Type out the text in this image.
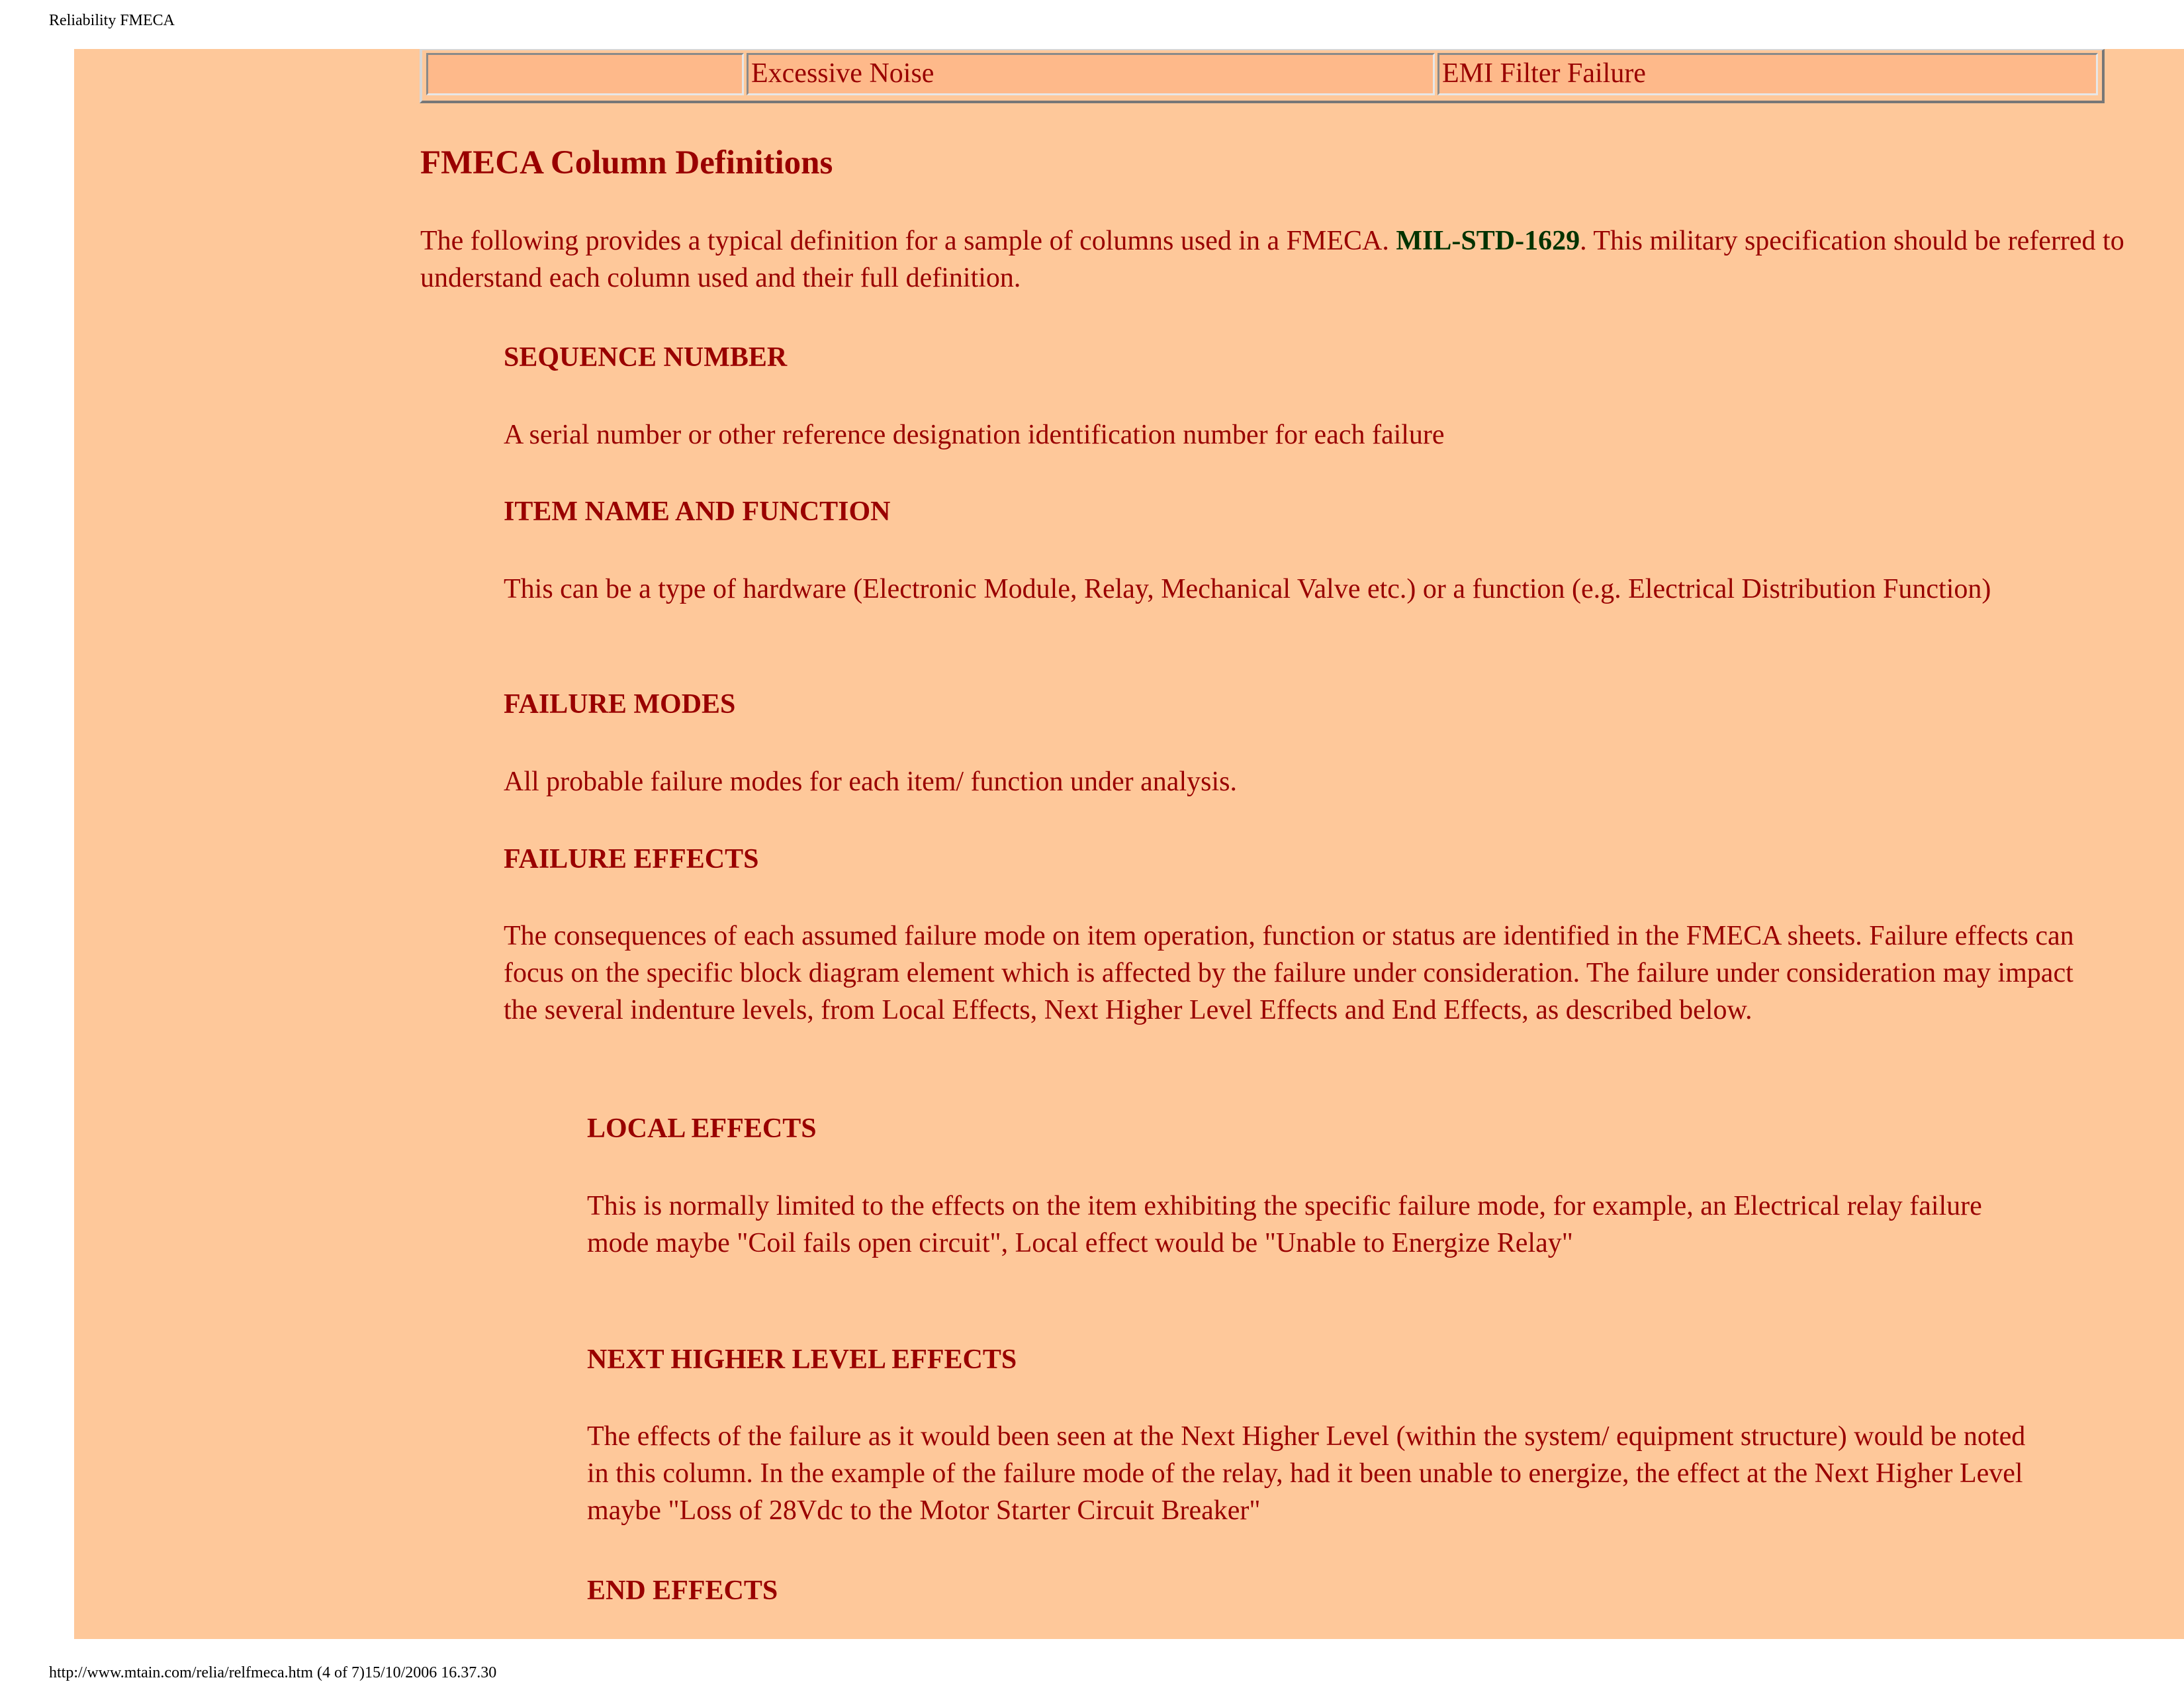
Reliability FMECA
Excessive Noise	EMI Filter Failure
FMECA Column Definitions
The following provides a typical definition for a sample of columns used in a FMECA. MIL-STD-1629. This military specification should be referred to understand each column used and their full definition.
SEQUENCE NUMBER
A serial number or other reference designation identification number for each failure
ITEM NAME AND FUNCTION
This can be a type of hardware (Electronic Module, Relay, Mechanical Valve etc.) or a function (e.g. Electrical Distribution Function)
FAILURE MODES
All probable failure modes for each item/ function under analysis.
FAILURE EFFECTS
The consequences of each assumed failure mode on item operation, function or status are identified in the FMECA sheets. Failure effects can focus on the specific block diagram element which is affected by the failure under consideration. The failure under consideration may impact the several indenture levels, from Local Effects, Next Higher Level Effects and End Effects, as described below.
LOCAL EFFECTS
This is normally limited to the effects on the item exhibiting the specific failure mode, for example, an Electrical relay failure mode maybe "Coil fails open circuit", Local effect would be "Unable to Energize Relay"
NEXT HIGHER LEVEL EFFECTS
The effects of the failure as it would been seen at the Next Higher Level (within the system/ equipment structure) would be noted in this column. In the example of the failure mode of the relay, had it been unable to energize, the effect at the Next Higher Level maybe "Loss of 28Vdc to the Motor Starter Circuit Breaker"
END EFFECTS
http://www.mtain.com/relia/relfmeca.htm (4 of 7)15/10/2006 16.37.30
